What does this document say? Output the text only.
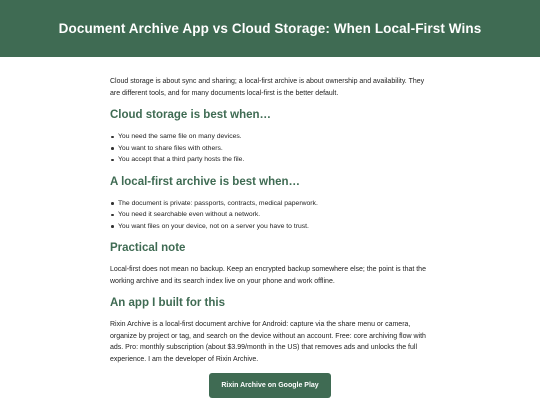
Document Archive App vs Cloud Storage: When Local-First Wins

Cloud storage is about sync and sharing; a local-first archive is about ownership and availability. They are different tools, and for many documents local-first is the better default.

Cloud storage is best when…
You need the same file on many devices.
You want to share files with others.
You accept that a third party hosts the file.
A local-first archive is best when…
The document is private: passports, contracts, medical paperwork.
You need it searchable even without a network.
You want files on your device, not on a server you have to trust.
Practical note

Local-first does not mean no backup. Keep an encrypted backup somewhere else; the point is that the working archive and its search index live on your phone and work offline.

An app I built for this

Rixin Archive is a local-first document archive for Android: capture via the share menu or camera, organize by project or tag, and search on the device without an account. Free: core archiving flow with ads. Pro: monthly subscription (about $3.99/month in the US) that removes ads and unlocks the full experience. I am the developer of Rixin Archive.

Rixin Archive on Google Play
